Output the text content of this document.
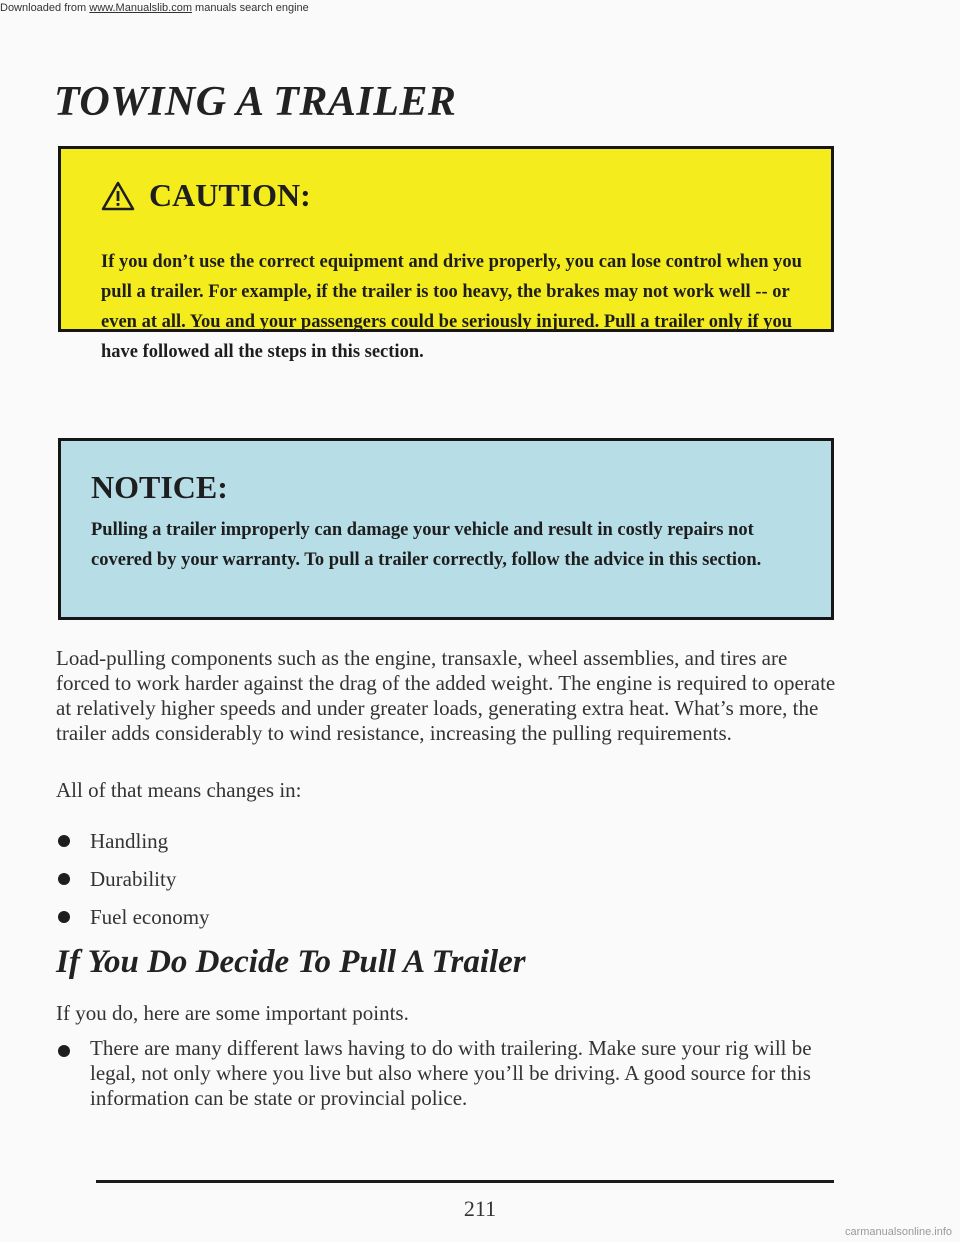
Downloaded from www.Manualslib.com manuals search engine
TOWING A TRAILER
CAUTION:

If you don’t use the correct equipment and drive properly, you can lose control when you pull a trailer. For example, if the trailer is too heavy, the brakes may not work well -- or even at all. You and your passengers could be seriously injured. Pull a trailer only if you have followed all the steps in this section.

NOTICE:

Pulling a trailer improperly can damage your vehicle and result in costly repairs not covered by your warranty. To pull a trailer correctly, follow the advice in this section.

Load-pulling components such as the engine, transaxle, wheel assemblies, and tires are forced to work harder against the drag of the added weight. The engine is required to operate at relatively higher speeds and under greater loads, generating extra heat. What’s more, the trailer adds considerably to wind resistance, increasing the pulling requirements.

All of that means changes in:

Handling
Durability
Fuel economy
If You Do Decide To Pull A Trailer

If you do, here are some important points.

There are many different laws having to do with trailering. Make sure your rig will be legal, not only where you live but also where you’ll be driving. A good source for this information can be state or provincial police.

211
carmanualsonline.info
